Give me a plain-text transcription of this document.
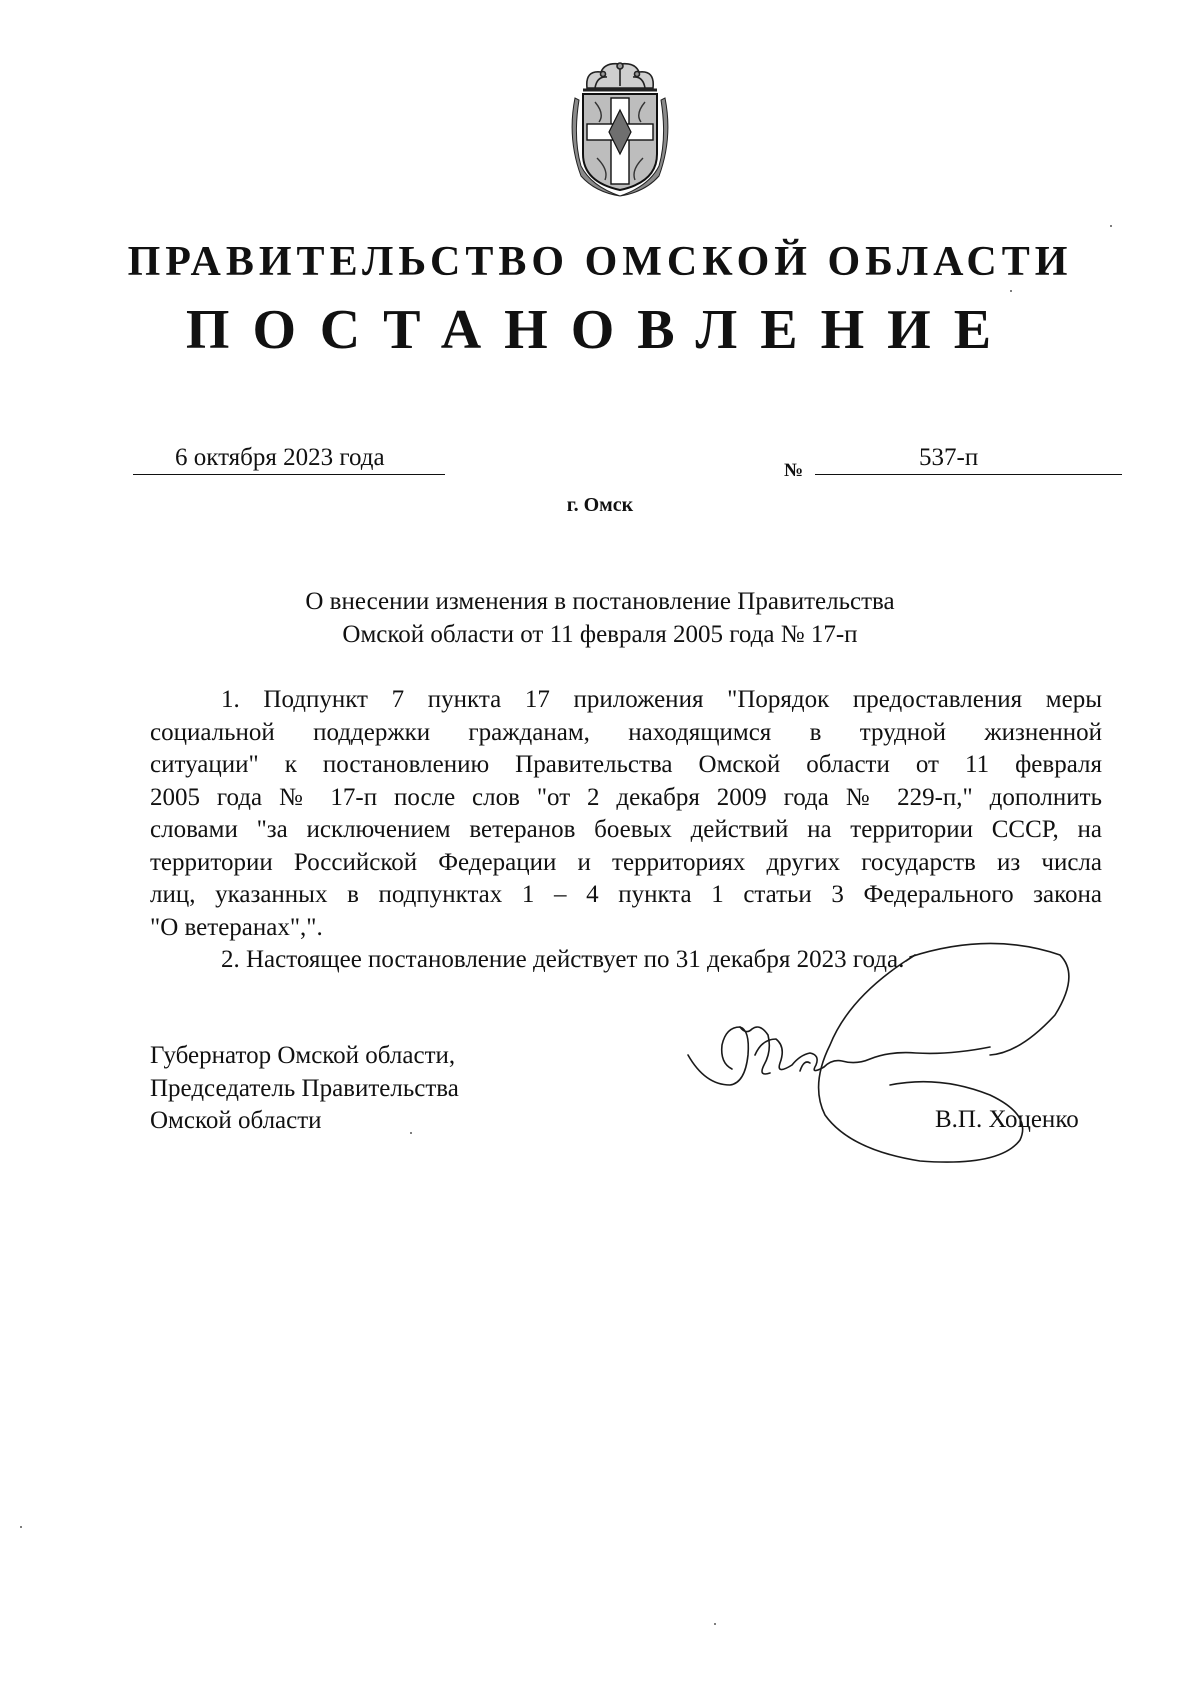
ПРАВИТЕЛЬСТВО ОМСКОЙ ОБЛАСТИ
ПОСТАНОВЛЕНИЕ
6 октября 2023 года	№	537-п
г. Омск
О внесении изменения в постановление Правительства
Омской области от 11 февраля 2005 года № 17-п
1. Подпункт 7 пункта 17 приложения "Порядок предоставления меры
социальной поддержки гражданам, находящимся в трудной жизненной
ситуации" к постановлению Правительства Омской области от 11 февраля
2005 года № 17-п после слов "от 2 декабря 2009 года № 229-п," дополнить
словами "за исключением ветеранов боевых действий на территории СССР, на
территории Российской Федерации и территориях других государств из числа
лиц, указанных в подпунктах 1 – 4 пункта 1 статьи 3 Федерального закона
"О ветеранах",".
2. Настоящее постановление действует по 31 декабря 2023 года.
Губернатор Омской области,
Председатель Правительства
Омской области	В.П. Хоценко
